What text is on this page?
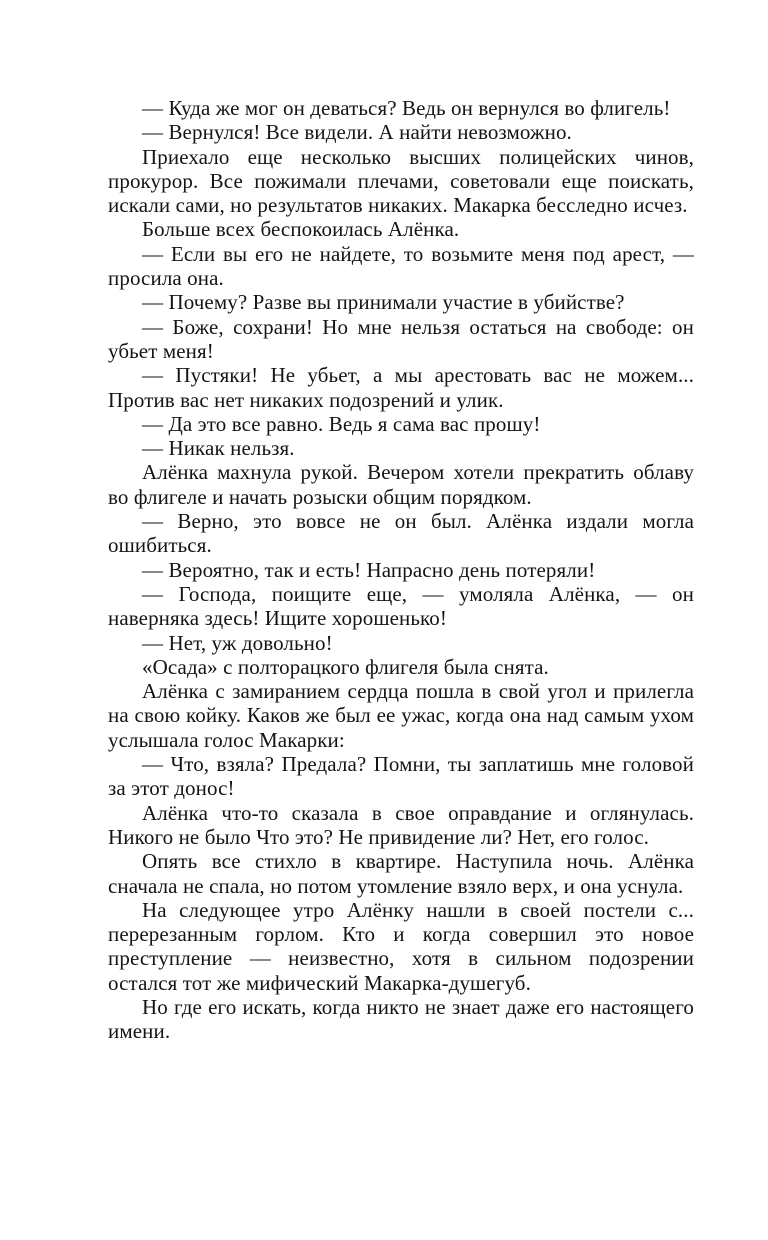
— Куда же мог он деваться? Ведь он вернулся во флигель!

— Вернулся! Все видели. А найти невозможно.

Приехало еще несколько высших полицейских чинов, прокурор. Все пожимали плечами, советовали еще поискать, искали сами, но результатов никаких. Макарка бесследно исчез.

Больше всех беспокоилась Алёнка.

— Если вы его не найдете, то возьмите меня под арест, — просила она.

— Почему? Разве вы принимали участие в убийстве?

— Боже, сохрани! Но мне нельзя остаться на свободе: он убьет меня!

— Пустяки! Не убьет, а мы арестовать вас не можем... Против вас нет никаких подозрений и улик.

— Да это все равно. Ведь я сама вас прошу!

— Никак нельзя.

Алёнка махнула рукой. Вечером хотели прекратить облаву во флигеле и начать розыски общим порядком.

— Верно, это вовсе не он был. Алёнка издали могла ошибиться.

— Вероятно, так и есть! Напрасно день потеряли!

— Господа, поищите еще, — умоляла Алёнка, — он наверняка здесь! Ищите хорошенько!

— Нет, уж довольно!

«Осада» с полторацкого флигеля была снята.

Алёнка с замиранием сердца пошла в свой угол и прилегла на свою койку. Каков же был ее ужас, когда она над самым ухом услышала голос Макарки:

— Что, взяла? Предала? Помни, ты заплатишь мне головой за этот донос!

Алёнка что-то сказала в свое оправдание и оглянулась. Никого не было Что это? Не привидение ли? Нет, его голос.

Опять все стихло в квартире. Наступила ночь. Алёнка сначала не спала, но потом утомление взяло верх, и она уснула.

На следующее утро Алёнку нашли в своей постели с... перерезанным горлом. Кто и когда совершил это новое преступление — неизвестно, хотя в сильном подозрении остался тот же мифический Макарка-душегуб.

Но где его искать, когда никто не знает даже его настоящего имени.
